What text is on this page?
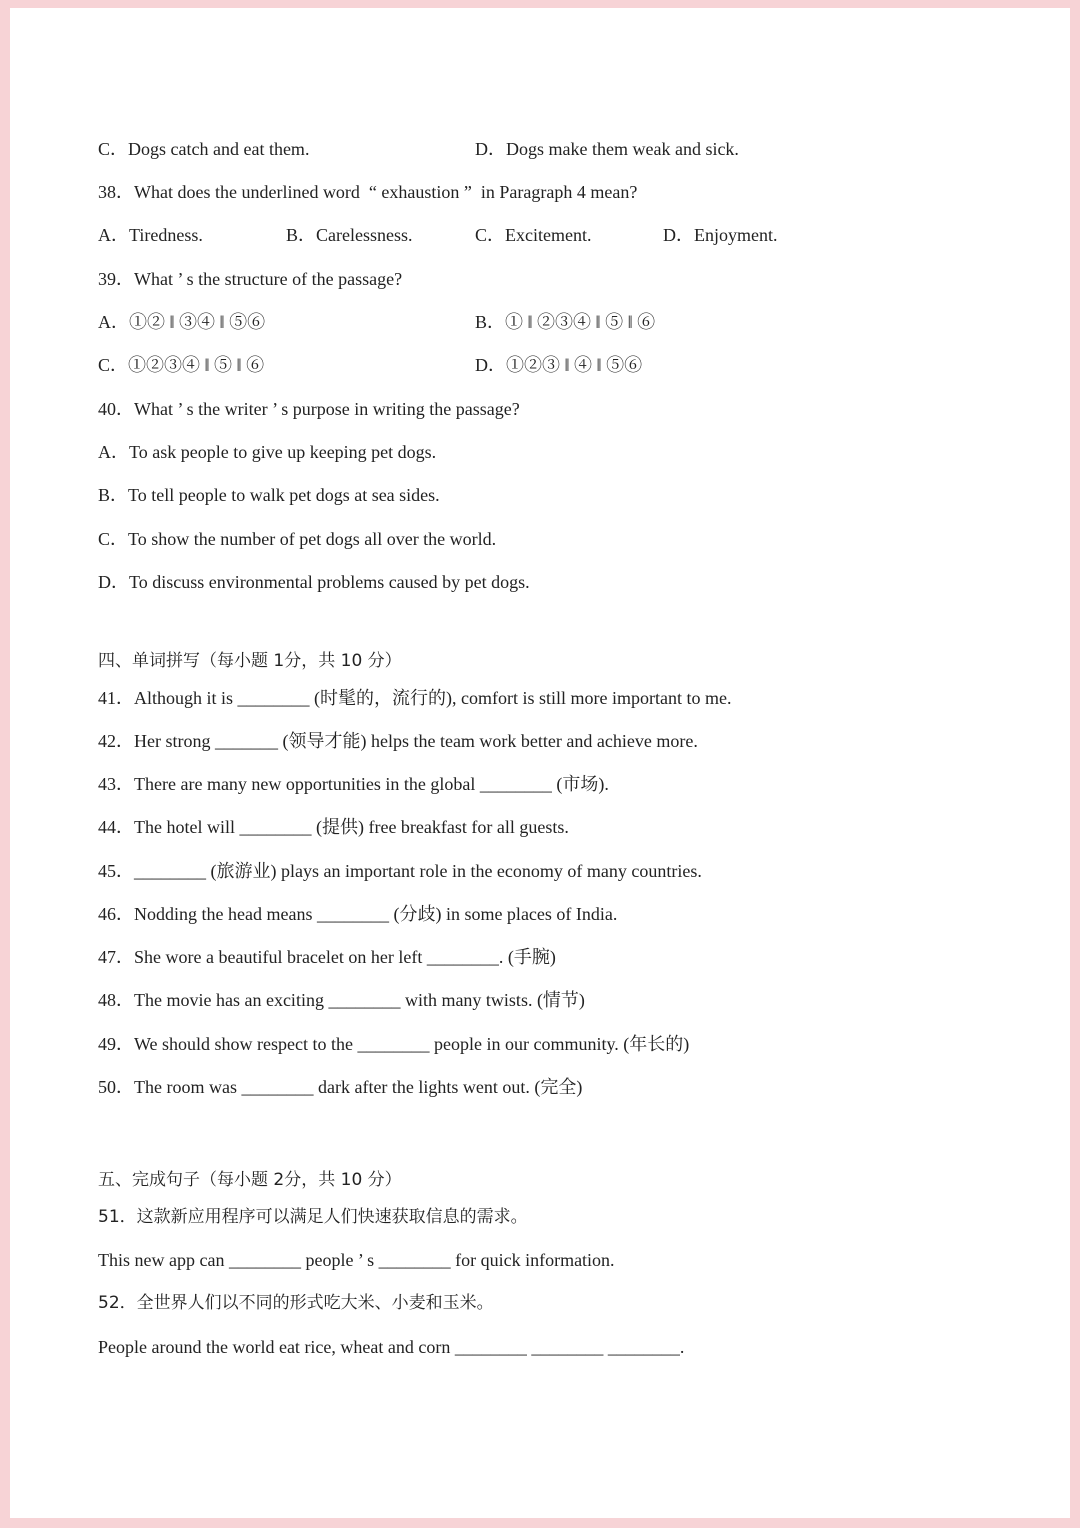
C．Dogs catch and eat them.	D．Dogs make them weak and sick.
38．What does the underlined word  “ exhaustion ”  in Paragraph 4 mean?
A．Tiredness.	B．Carelessness.	C．Excitement.	D．Enjoyment.
39．What ’ s the structure of the passage?
A．①② ‖ ③④ ‖ ⑤⑥	B．① ‖ ②③④ ‖ ⑤ ‖ ⑥
C．①②③④ ‖ ⑤ ‖ ⑥	D．①②③ ‖ ④ ‖ ⑤⑥
40．What ’ s the writer ’ s purpose in writing the passage?
A．To ask people to give up keeping pet dogs.
B．To tell people to walk pet dogs at sea sides.
C．To show the number of pet dogs all over the world.
D．To discuss environmental problems caused by pet dogs.
四、单词拼写（每小题 1分，共 10 分）
41．Although it is ________ (时髦的，流行的), comfort is still more important to me.
42．Her strong _______ (领导才能) helps the team work better and achieve more.
43．There are many new opportunities in the global ________ (市场).
44．The hotel will ________ (提供) free breakfast for all guests.
45．________ (旅游业) plays an important role in the economy of many countries.
46．Nodding the head means ________ (分歧) in some places of India.
47．She wore a beautiful bracelet on her left ________. (手腕)
48．The movie has an exciting ________ with many twists. (情节)
49．We should show respect to the ________ people in our community. (年长的)
50．The room was ________ dark after the lights went out. (完全)
五、完成句子（每小题 2分，共 10 分）
51．这款新应用程序可以满足人们快速获取信息的需求。
This new app can ________ people ’ s ________ for quick information.
52．全世界人们以不同的形式吃大米、小麦和玉米。
People around the world eat rice, wheat and corn ________ ________ ________.
